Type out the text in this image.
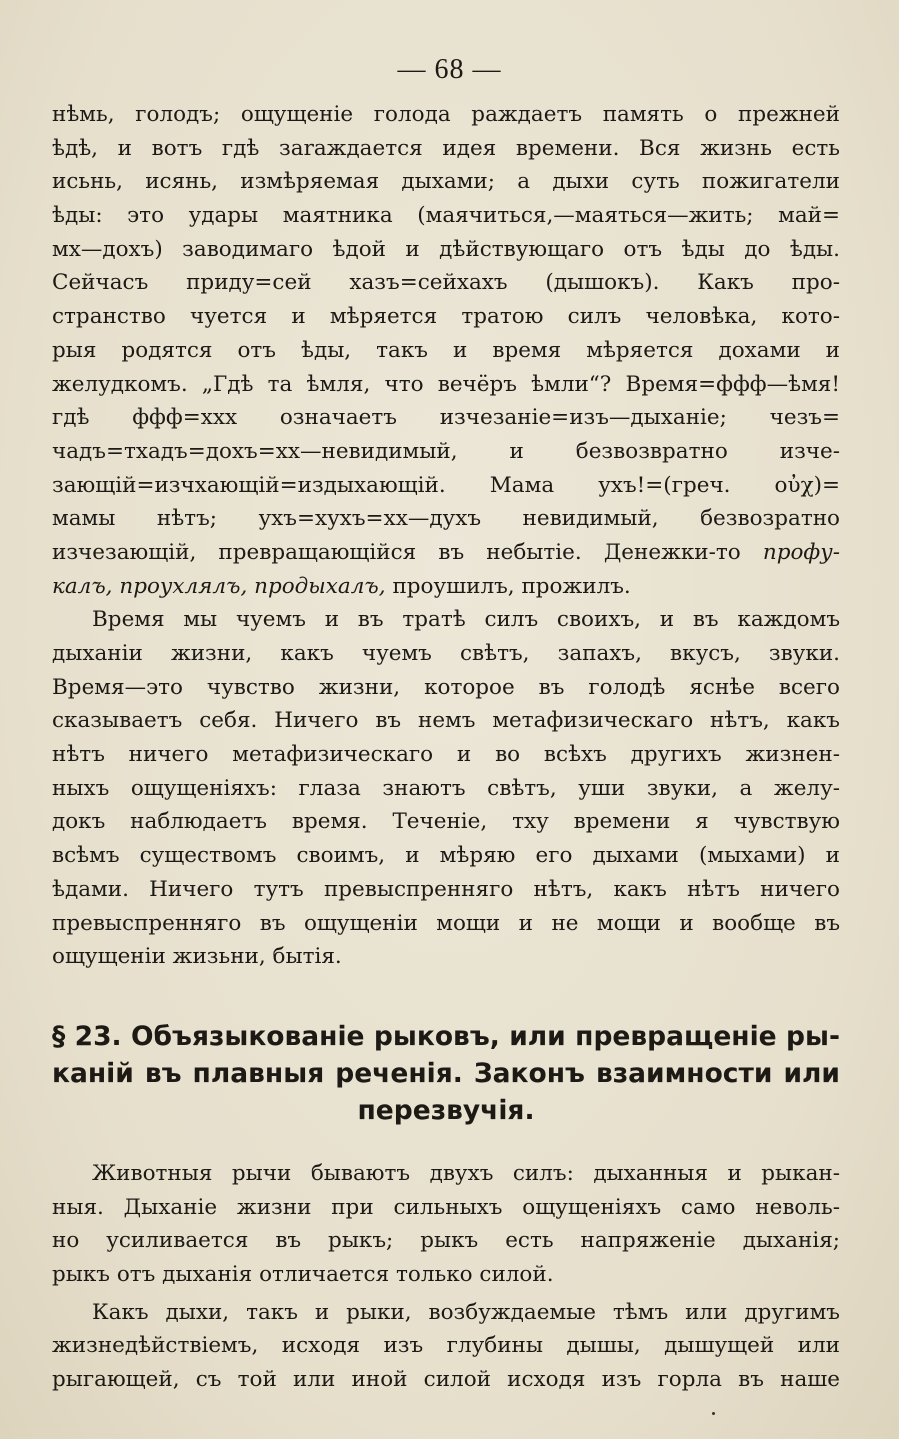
— 68 —
нѣмь, голодъ; ощущеніе голода раждаетъ память о прежней
ѣдѣ, и вотъ гдѣ заraждается идея времени. Вся жизнь есть
исьнь, исянь, измѣряемая дыхами; а дыхи суть пожигатели
ѣды: это удары маятника (маячиться,—маяться—жить; май=
мх—дохъ) заводимаго ѣдой и дѣйствующаго отъ ѣды до ѣды.
Сейчасъ приду=сей хазъ=сейхахъ (дышокъ). Какъ про-
странство чуется и мѣряется тратою силъ человѣка, кото-
рыя родятся отъ ѣды, такъ и время мѣряется дохами и
желудкомъ. „Гдѣ та ѣмля, что вечёръ ѣмли“? Время=ффф—ѣмя!
гдѣ ффф=ххх означаетъ изчезаніе=изъ—дыханіе; чезъ=
чадъ=тхадъ=дохъ=хх—невидимый, и безвозвратно изче-
зающій=изчхающій=издыхающій. Мама ухъ!=(греч. οὐχ)=
мамы нѣтъ; ухъ=хухъ=хх—духъ невидимый, безвозратно
изчезающій, превращающійся въ небытіе. Денежки-то профу-
калъ, проухлялъ, продыхалъ, проушилъ, прожилъ.
Время мы чуемъ и въ тратѣ силъ своихъ, и въ каждомъ
дыханіи жизни, какъ чуемъ свѣтъ, запахъ, вкусъ, звуки.
Время—это чувство жизни, которое въ голодѣ яснѣе всего
сказываетъ себя. Ничего въ немъ метафизическаго нѣтъ, какъ
нѣтъ ничего метафизическаго и во всѣхъ другихъ жизнен-
ныхъ ощущеніяхъ: глаза знаютъ свѣтъ, уши звуки, а желу-
докъ наблюдаетъ время. Теченіе, тху времени я чувствую
всѣмъ существомъ своимъ, и мѣряю его дыхами (мыхами) и
ѣдами. Ничего тутъ превыспренняго нѣтъ, какъ нѣтъ ничего
превыспренняго въ ощущеніи мощи и не мощи и вообще въ
ощущеніи жизьни, бытія.
§ 23. Объязыкованіе рыковъ, или превращеніе ры-
каній въ плавныя реченія. Законъ взаимности или
перезвучія.
Животныя рычи бываютъ двухъ силъ: дыханныя и рыкан-
ныя. Дыханіе жизни при сильныхъ ощущеніяхъ само неволь-
но усиливается въ рыкъ; рыкъ есть напряженіе дыханія;
рыкъ отъ дыханія отличается только силой.
Какъ дыхи, такъ и рыки, возбуждаемые тѣмъ или другимъ
жизнедѣйствіемъ, исходя изъ глубины дышы, дышущей или
рыгающей, съ той или иной силой исходя изъ горла въ наше
